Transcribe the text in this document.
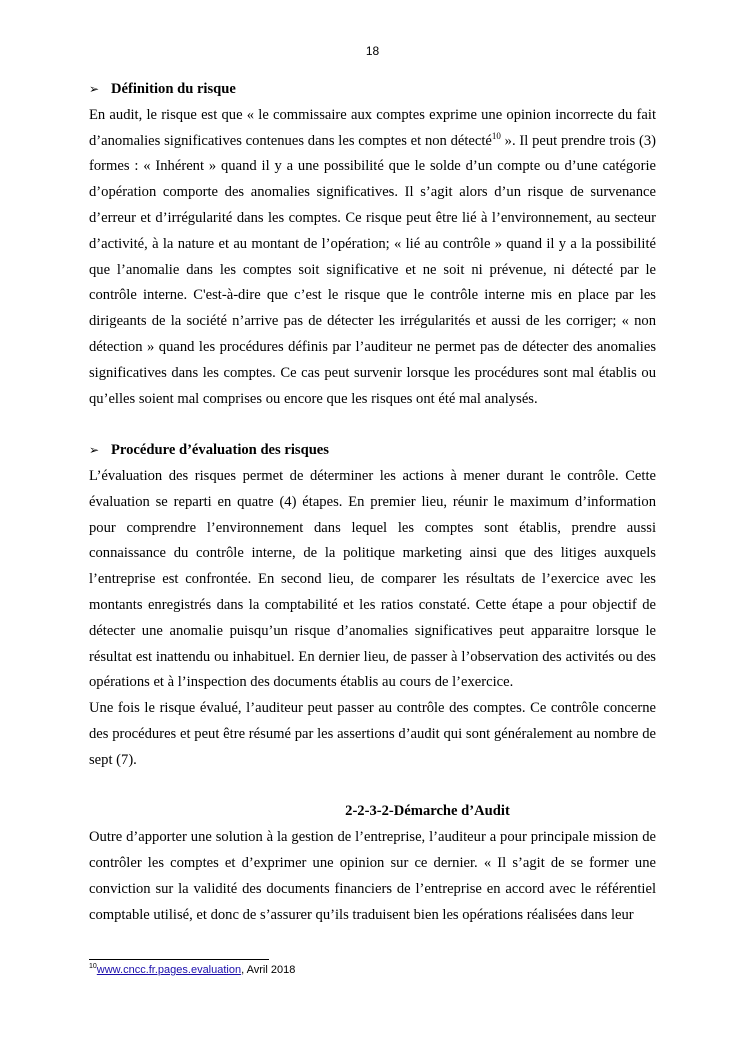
18
➢ Définition du risque

En audit, le risque est que « le commissaire aux comptes exprime une opinion incorrecte du fait d’anomalies significatives contenues dans les comptes et non détecté$^{10}$ ». Il peut prendre trois (3) formes : « Inhérent » quand il y a une possibilité que le solde d’un compte ou d’une catégorie d’opération comporte des anomalies significatives. Il s’agit alors d’un risque de survenance d’erreur et d’irrégularité dans les comptes. Ce risque peut être lié à l’environnement, au secteur d’activité, à la nature et au montant de l’opération; « lié au contrôle » quand il y a la possibilité que l’anomalie dans les comptes soit significative et ne soit ni prévenue, ni détecté par le contrôle interne. C'est-à-dire que c’est le risque que le contrôle interne mis en place par les dirigeants de la société n’arrive pas de détecter les irrégularités et aussi de les corriger; « non détection » quand les procédures définis par l’auditeur ne permet pas de détecter des anomalies significatives dans les comptes. Ce cas peut survenir lorsque les procédures sont mal établis ou qu’elles soient mal comprises ou encore que les risques ont été mal analysés.

➢ Procédure d’évaluation des risques

L’évaluation des risques permet de déterminer les actions à mener durant le contrôle. Cette évaluation se reparti en quatre (4) étapes. En premier lieu, réunir le maximum d’information pour comprendre l’environnement dans lequel les comptes sont établis, prendre aussi connaissance du contrôle interne, de la politique marketing ainsi que des litiges auxquels l’entreprise est confrontée. En second lieu, de comparer les résultats de l’exercice avec les montants enregistrés dans la comptabilité et les ratios constaté. Cette étape a pour objectif de détecter une anomalie puisqu’un risque d’anomalies significatives peut apparaitre lorsque le résultat est inattendu ou inhabituel. En dernier lieu, de passer à l’observation des activités ou des opérations et à l’inspection des documents établis au cours de l’exercice.

Une fois le risque évalué, l’auditeur peut passer au contrôle des comptes. Ce contrôle concerne des procédures et peut être résumé par les assertions d’audit qui sont généralement au nombre de sept (7).

2-2-3-2-Démarche d’Audit

Outre d’apporter une solution à la gestion de l’entreprise, l’auditeur a pour principale mission de contrôler les comptes et d’exprimer une opinion sur ce dernier. « Il s’agit de se former une conviction sur la validité des documents financiers de l’entreprise en accord avec le référentiel comptable utilisé, et donc de s’assurer qu’ils traduisent bien les opérations réalisées dans leur

$^{10}$www.cncc.fr.pages.evaluation, Avril 2018
